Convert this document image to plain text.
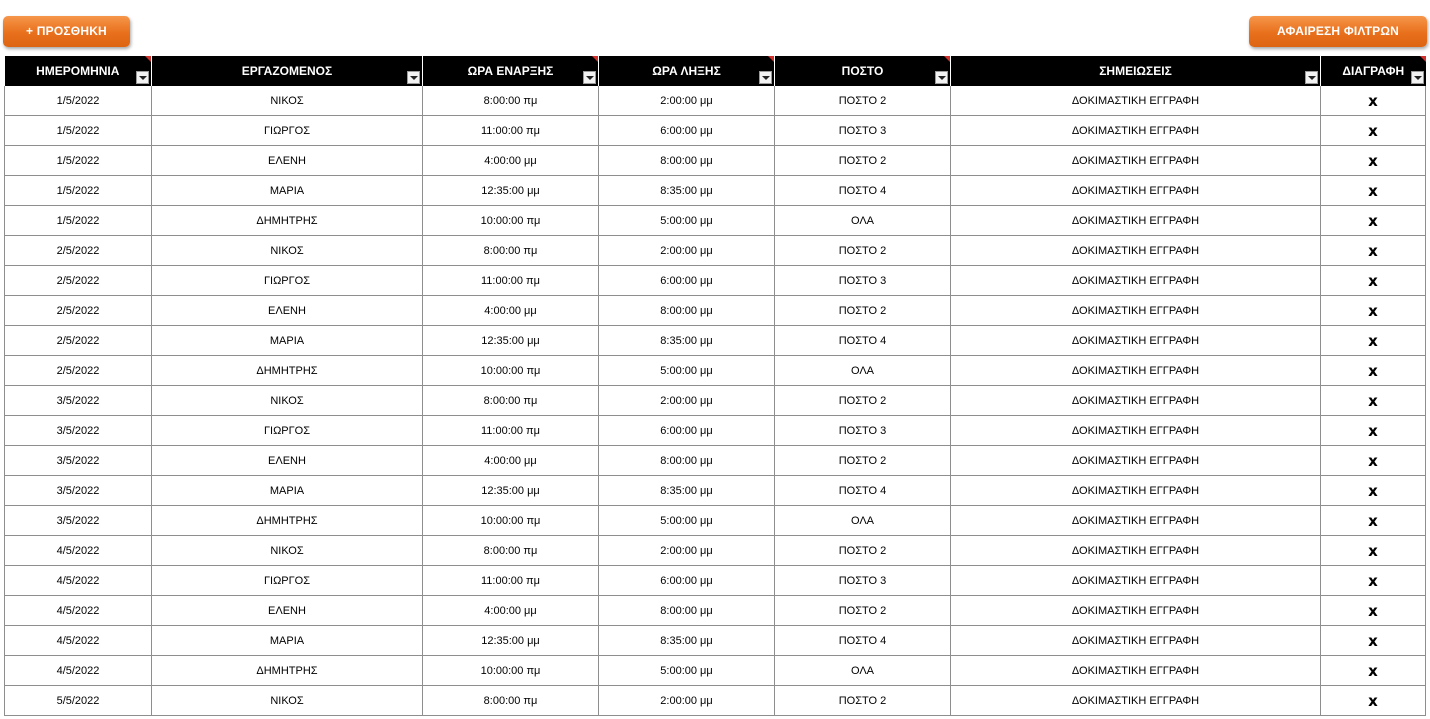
+ ΠΡΟΣΘΗΚΗ	ΑΦΑΙΡΕΣΗ ΦΙΛΤΡΩΝ
ΗΜΕΡΟΜΗΝΙΑ	ΕΡΓΑΖΟΜΕΝΟΣ	ΩΡΑ ΕΝΑΡΞΗΣ	ΩΡΑ ΛΗΞΗΣ	ΠΟΣΤΟ	ΣΗΜΕΙΩΣΕΙΣ	ΔΙΑΓΡΑΦΗ

1/5/2022	ΝΙΚΟΣ	8:00:00 πμ	2:00:00 μμ	ΠΟΣΤΟ 2	ΔΟΚΙΜΑΣΤΙΚΗ ΕΓΓΡΑΦΗ	x
1/5/2022	ΓΙΩΡΓΟΣ	11:00:00 πμ	6:00:00 μμ	ΠΟΣΤΟ 3	ΔΟΚΙΜΑΣΤΙΚΗ ΕΓΓΡΑΦΗ	x
1/5/2022	ΕΛΕΝΗ	4:00:00 μμ	8:00:00 μμ	ΠΟΣΤΟ 2	ΔΟΚΙΜΑΣΤΙΚΗ ΕΓΓΡΑΦΗ	x
1/5/2022	ΜΑΡΙΑ	12:35:00 μμ	8:35:00 μμ	ΠΟΣΤΟ 4	ΔΟΚΙΜΑΣΤΙΚΗ ΕΓΓΡΑΦΗ	x
1/5/2022	ΔΗΜΗΤΡΗΣ	10:00:00 πμ	5:00:00 μμ	ΟΛΑ	ΔΟΚΙΜΑΣΤΙΚΗ ΕΓΓΡΑΦΗ	x
2/5/2022	ΝΙΚΟΣ	8:00:00 πμ	2:00:00 μμ	ΠΟΣΤΟ 2	ΔΟΚΙΜΑΣΤΙΚΗ ΕΓΓΡΑΦΗ	x
2/5/2022	ΓΙΩΡΓΟΣ	11:00:00 πμ	6:00:00 μμ	ΠΟΣΤΟ 3	ΔΟΚΙΜΑΣΤΙΚΗ ΕΓΓΡΑΦΗ	x
2/5/2022	ΕΛΕΝΗ	4:00:00 μμ	8:00:00 μμ	ΠΟΣΤΟ 2	ΔΟΚΙΜΑΣΤΙΚΗ ΕΓΓΡΑΦΗ	x
2/5/2022	ΜΑΡΙΑ	12:35:00 μμ	8:35:00 μμ	ΠΟΣΤΟ 4	ΔΟΚΙΜΑΣΤΙΚΗ ΕΓΓΡΑΦΗ	x
2/5/2022	ΔΗΜΗΤΡΗΣ	10:00:00 πμ	5:00:00 μμ	ΟΛΑ	ΔΟΚΙΜΑΣΤΙΚΗ ΕΓΓΡΑΦΗ	x
3/5/2022	ΝΙΚΟΣ	8:00:00 πμ	2:00:00 μμ	ΠΟΣΤΟ 2	ΔΟΚΙΜΑΣΤΙΚΗ ΕΓΓΡΑΦΗ	x
3/5/2022	ΓΙΩΡΓΟΣ	11:00:00 πμ	6:00:00 μμ	ΠΟΣΤΟ 3	ΔΟΚΙΜΑΣΤΙΚΗ ΕΓΓΡΑΦΗ	x
3/5/2022	ΕΛΕΝΗ	4:00:00 μμ	8:00:00 μμ	ΠΟΣΤΟ 2	ΔΟΚΙΜΑΣΤΙΚΗ ΕΓΓΡΑΦΗ	x
3/5/2022	ΜΑΡΙΑ	12:35:00 μμ	8:35:00 μμ	ΠΟΣΤΟ 4	ΔΟΚΙΜΑΣΤΙΚΗ ΕΓΓΡΑΦΗ	x
3/5/2022	ΔΗΜΗΤΡΗΣ	10:00:00 πμ	5:00:00 μμ	ΟΛΑ	ΔΟΚΙΜΑΣΤΙΚΗ ΕΓΓΡΑΦΗ	x
4/5/2022	ΝΙΚΟΣ	8:00:00 πμ	2:00:00 μμ	ΠΟΣΤΟ 2	ΔΟΚΙΜΑΣΤΙΚΗ ΕΓΓΡΑΦΗ	x
4/5/2022	ΓΙΩΡΓΟΣ	11:00:00 πμ	6:00:00 μμ	ΠΟΣΤΟ 3	ΔΟΚΙΜΑΣΤΙΚΗ ΕΓΓΡΑΦΗ	x
4/5/2022	ΕΛΕΝΗ	4:00:00 μμ	8:00:00 μμ	ΠΟΣΤΟ 2	ΔΟΚΙΜΑΣΤΙΚΗ ΕΓΓΡΑΦΗ	x
4/5/2022	ΜΑΡΙΑ	12:35:00 μμ	8:35:00 μμ	ΠΟΣΤΟ 4	ΔΟΚΙΜΑΣΤΙΚΗ ΕΓΓΡΑΦΗ	x
4/5/2022	ΔΗΜΗΤΡΗΣ	10:00:00 πμ	5:00:00 μμ	ΟΛΑ	ΔΟΚΙΜΑΣΤΙΚΗ ΕΓΓΡΑΦΗ	x
5/5/2022	ΝΙΚΟΣ	8:00:00 πμ	2:00:00 μμ	ΠΟΣΤΟ 2	ΔΟΚΙΜΑΣΤΙΚΗ ΕΓΓΡΑΦΗ	x
